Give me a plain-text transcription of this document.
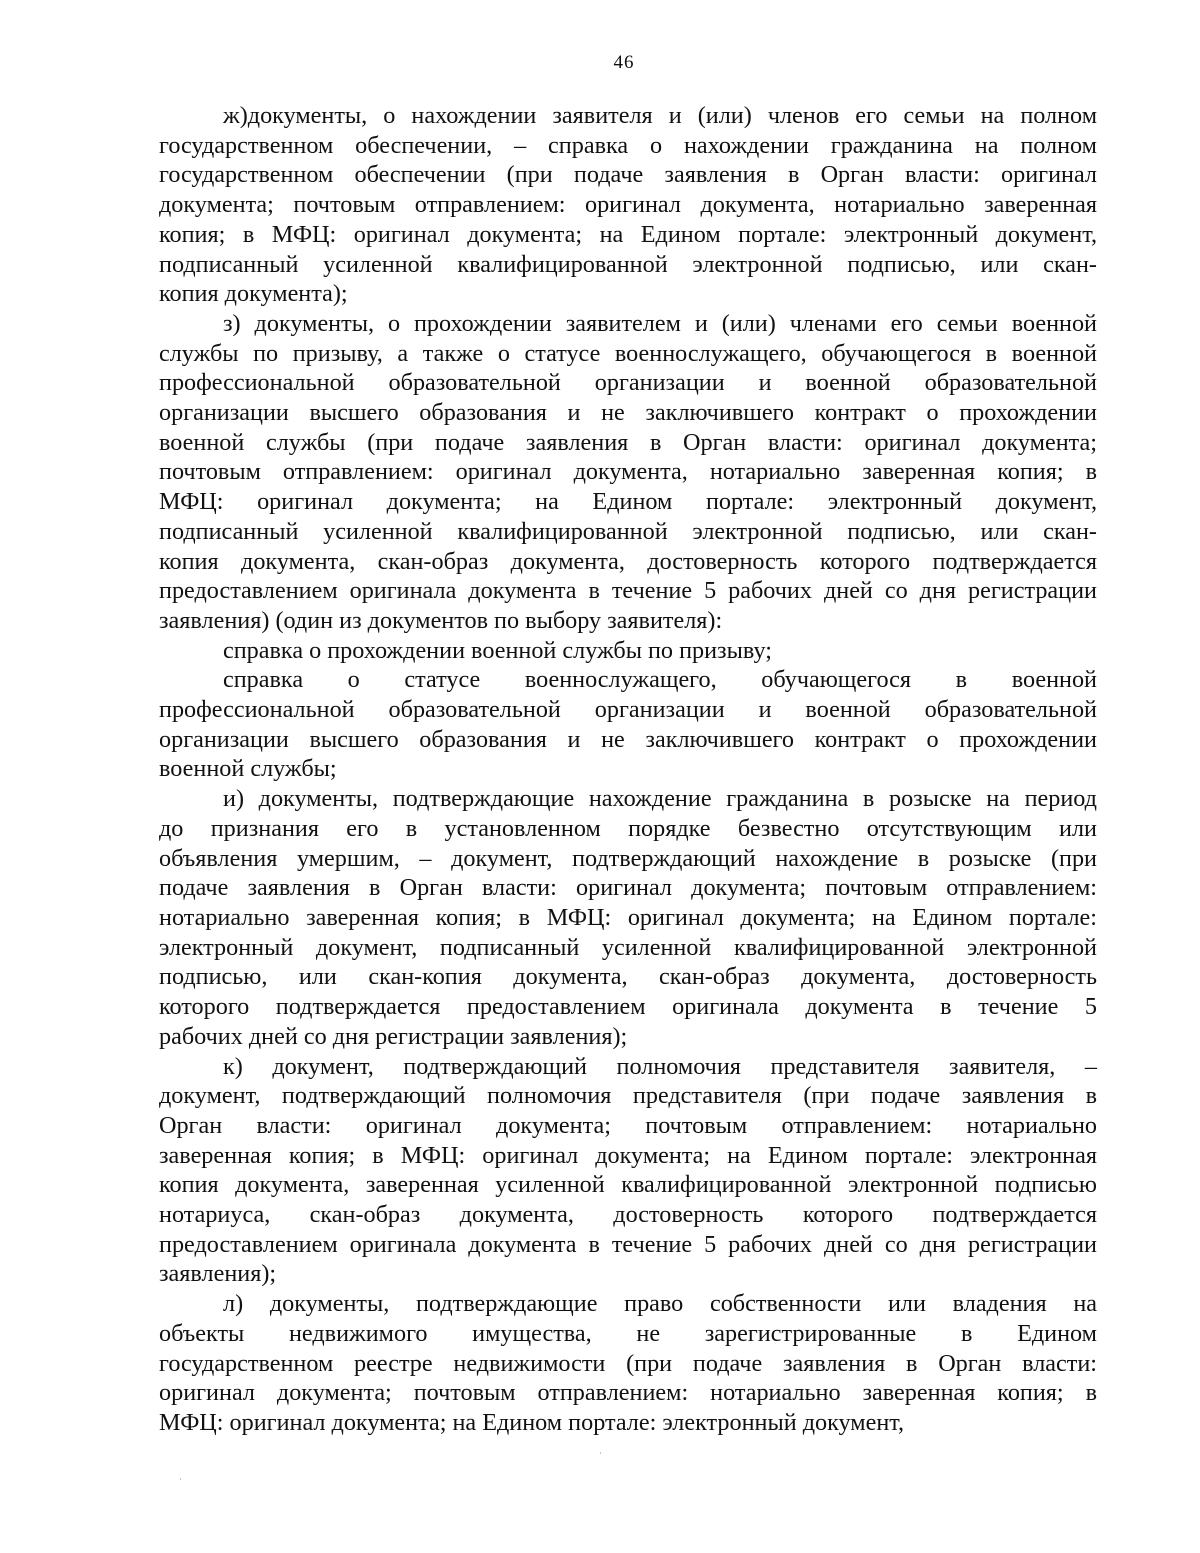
46
ж)документы, о нахождении заявителя и (или) членов его семьи на полном
государственном обеспечении, – справка о нахождении гражданина на полном
государственном обеспечении (при подаче заявления в Орган власти: оригинал
документа; почтовым отправлением: оригинал документа, нотариально заверенная
копия; в МФЦ: оригинал документа; на Едином портале: электронный документ,
подписанный усиленной квалифицированной электронной подписью, или скан-
копия документа);
з) документы, о прохождении заявителем и (или) членами его семьи военной
службы по призыву, а также о статусе военнослужащего, обучающегося в военной
профессиональной образовательной организации и военной образовательной
организации высшего образования и не заключившего контракт о прохождении
военной службы (при подаче заявления в Орган власти: оригинал документа;
почтовым отправлением: оригинал документа, нотариально заверенная копия; в
МФЦ: оригинал документа; на Едином портале: электронный документ,
подписанный усиленной квалифицированной электронной подписью, или скан-
копия документа, скан-образ документа, достоверность которого подтверждается
предоставлением оригинала документа в течение 5 рабочих дней со дня регистрации
заявления) (один из документов по выбору заявителя):
справка о прохождении военной службы по призыву;
справка о статусе военнослужащего, обучающегося в военной
профессиональной образовательной организации и военной образовательной
организации высшего образования и не заключившего контракт о прохождении
военной службы;
и) документы, подтверждающие нахождение гражданина в розыске на период
до признания его в установленном порядке безвестно отсутствующим или
объявления умершим, – документ, подтверждающий нахождение в розыске (при
подаче заявления в Орган власти: оригинал документа; почтовым отправлением:
нотариально заверенная копия; в МФЦ: оригинал документа; на Едином портале:
электронный документ, подписанный усиленной квалифицированной электронной
подписью, или скан-копия документа, скан-образ документа, достоверность
которого подтверждается предоставлением оригинала документа в течение 5
рабочих дней со дня регистрации заявления);
к) документ, подтверждающий полномочия представителя заявителя, –
документ, подтверждающий полномочия представителя (при подаче заявления в
Орган власти: оригинал документа; почтовым отправлением: нотариально
заверенная копия; в МФЦ: оригинал документа; на Едином портале: электронная
копия документа, заверенная усиленной квалифицированной электронной подписью
нотариуса, скан-образ документа, достоверность которого подтверждается
предоставлением оригинала документа в течение 5 рабочих дней со дня регистрации
заявления);
л) документы, подтверждающие право собственности или владения на
объекты недвижимого имущества, не зарегистрированные в Едином
государственном реестре недвижимости (при подаче заявления в Орган власти:
оригинал документа; почтовым отправлением: нотариально заверенная копия; в
МФЦ: оригинал документа; на Едином портале: электронный документ,
